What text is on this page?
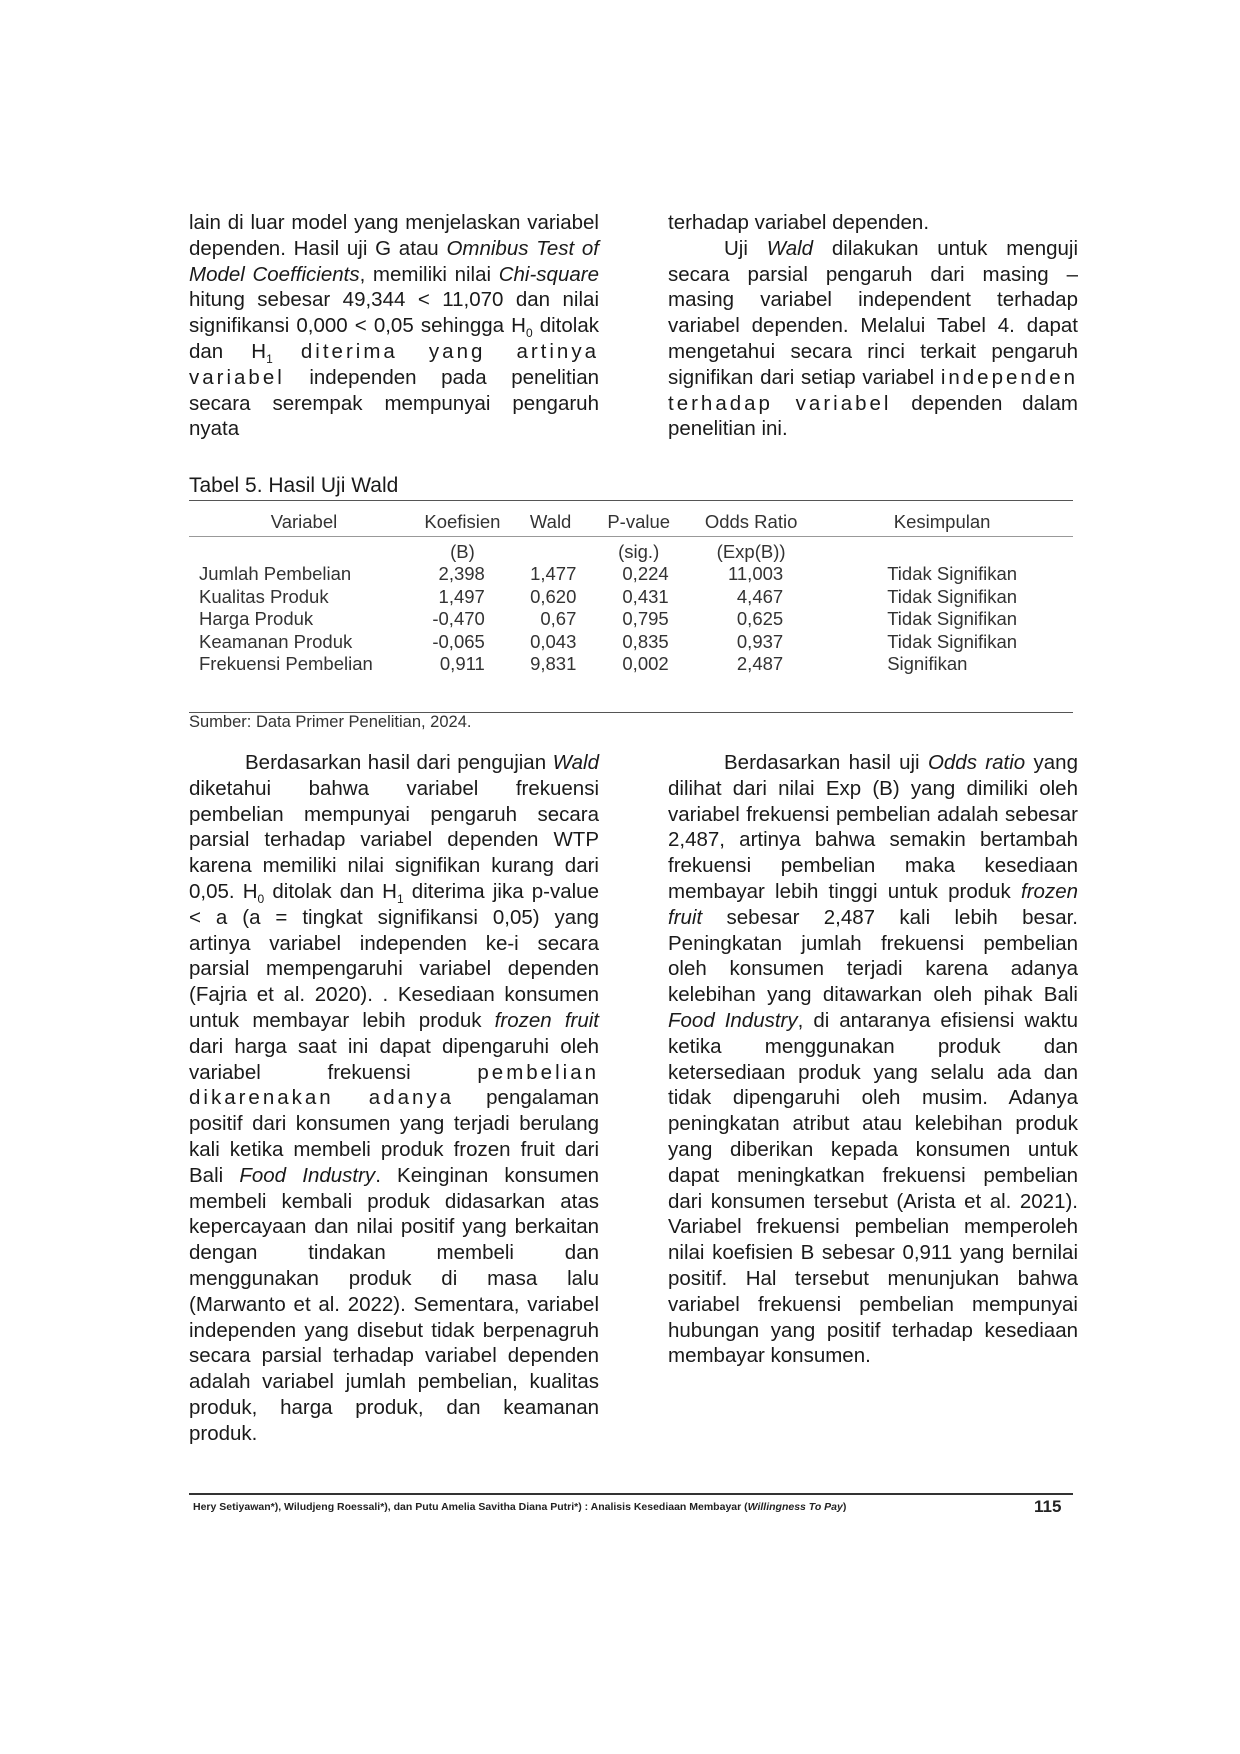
lain di luar model yang menjelaskan variabel dependen. Hasil uji G atau Omnibus Test of Model Coefficients, memiliki nilai Chi-square hitung sebesar 49,344 < 11,070 dan nilai signifikansi 0,000 < 0,05 sehingga $H_0$ ditolak dan $H_1$ diterima yang artinya variabel independen pada penelitian secara serempak mempunyai pengaruh nyata

terhadap variabel dependen.

Uji Wald dilakukan untuk menguji secara parsial pengaruh dari masing – masing variabel independent terhadap variabel dependen. Melalui Tabel 4. dapat mengetahui secara rinci terkait pengaruh signifikan dari setiap variabel independen terhadap variabel dependen dalam penelitian ini.

Tabel 5. Hasil Uji Wald
Variabel	Koefisien	Wald	P-value	Odds Ratio	Kesimpulan
	(B)		(sig.)	(Exp(B))	
Jumlah Pembelian	2,398	1,477	0,224	11,003	Tidak Signifikan
Kualitas Produk	1,497	0,620	0,431	4,467	Tidak Signifikan
Harga Produk	-0,470	0,67	0,795	0,625	Tidak Signifikan
Keamanan Produk	-0,065	0,043	0,835	0,937	Tidak Signifikan
Frekuensi Pembelian	0,911	9,831	0,002	2,487	Signifikan
Sumber: Data Primer Penelitian, 2024.

Berdasarkan hasil dari pengujian Wald diketahui bahwa variabel frekuensi pembelian mempunyai pengaruh secara parsial terhadap variabel dependen WTP karena memiliki nilai signifikan kurang dari 0,05. $H_0$ ditolak dan $H_1$ diterima jika p-value < a (a = tingkat signifikansi 0,05) yang artinya variabel independen ke-i secara parsial mempengaruhi variabel dependen (Fajria et al. 2020). . Kesediaan konsumen untuk membayar lebih produk frozen fruit dari harga saat ini dapat dipengaruhi oleh variabel frekuensi	pembelian dikarenakan adanya pengalaman positif dari konsumen yang terjadi berulang kali ketika membeli produk frozen fruit dari Bali Food Industry. Keinginan konsumen membeli kembali produk didasarkan atas kepercayaan dan nilai positif yang berkaitan dengan tindakan membeli dan menggunakan produk di masa lalu (Marwanto et al. 2022). Sementara, variabel independen yang disebut tidak berpenagruh secara parsial terhadap variabel dependen adalah variabel jumlah pembelian, kualitas produk, harga produk, dan keamanan produk.

Berdasarkan hasil uji Odds ratio yang dilihat dari nilai Exp (B) yang dimiliki oleh variabel frekuensi pembelian adalah sebesar 2,487, artinya bahwa semakin bertambah frekuensi pembelian maka kesediaan membayar lebih tinggi untuk produk frozen fruit sebesar 2,487 kali lebih besar. Peningkatan jumlah frekuensi pembelian oleh konsumen terjadi karena adanya kelebihan yang ditawarkan oleh pihak Bali Food Industry, di antaranya efisiensi waktu ketika menggunakan produk dan ketersediaan produk yang selalu ada dan tidak dipengaruhi oleh musim. Adanya peningkatan atribut atau kelebihan produk yang diberikan kepada konsumen untuk dapat meningkatkan frekuensi pembelian dari konsumen tersebut (Arista et al. 2021). Variabel frekuensi pembelian memperoleh nilai koefisien B sebesar 0,911 yang bernilai positif. Hal tersebut menunjukan bahwa variabel frekuensi pembelian mempunyai hubungan yang positif terhadap kesediaan membayar konsumen.

Hery Setiyawan*), Wiludjeng Roessali*), dan Putu Amelia Savitha Diana Putri*) : Analisis Kesediaan Membayar (Willingness To Pay)	115
